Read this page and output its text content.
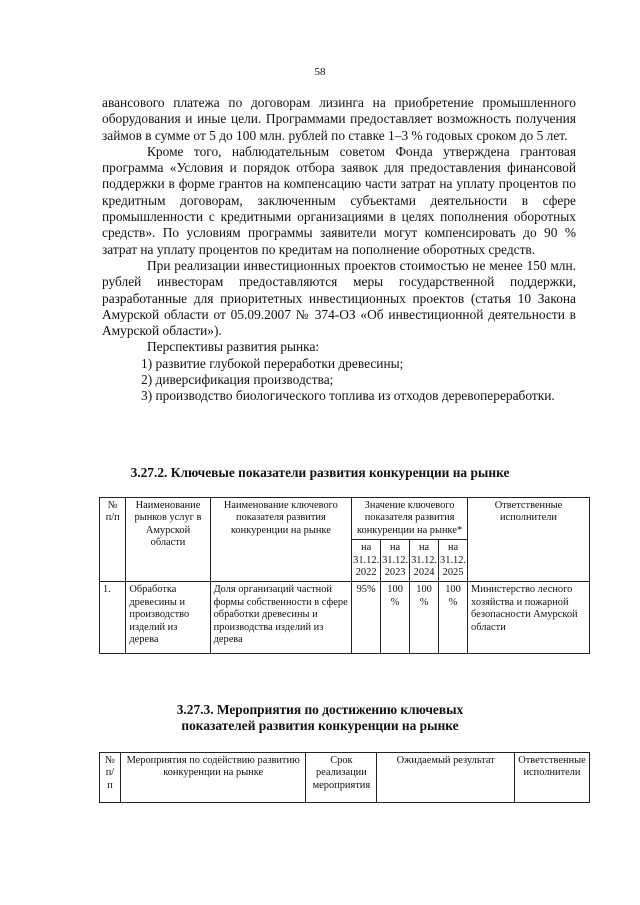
58

авансового платежа по договорам лизинга на приобретение промышленного оборудования и иные цели. Программами предоставляет возможность получения займов в сумме от 5 до 100 млн. рублей по ставке 1–3 % годовых сроком до 5 лет.

Кроме того, наблюдательным советом Фонда утверждена грантовая программа «Условия и порядок отбора заявок для предоставления финансовой поддержки в форме грантов на компенсацию части затрат на уплату процентов по кредитным договорам, заключенным субъектами деятельности в сфере промышленности с кредитными организациями в целях пополнения оборотных средств». По условиям программы заявители могут компенсировать до 90 % затрат на уплату процентов по кредитам на пополнение оборотных средств.

При реализации инвестиционных проектов стоимостью не менее 150 млн. рублей инвесторам предоставляются меры государственной поддержки, разработанные для приоритетных инвестиционных проектов (статья 10 Закона Амурской области от 05.09.2007 № 374-ОЗ «Об инвестиционной деятельности в Амурской области»).

Перспективы развития рынка:

1) развитие глубокой переработки древесины;

2) диверсификация производства;

3) производство биологического топлива из отходов деревопереработки.

3.27.2. Ключевые показатели развития конкуренции на рынке
№ п/п	Наименование рынков услуг в Амурской области	Наименование ключевого показателя развития конкуренции на рынке	Значение ключевого показателя развития конкуренции на рынке*				Ответственные исполнители
			на 31.12. 2022	на 31.12. 2023	на 31.12. 2024	на 31.12. 2025	
1.	Обработка древесины и производство изделий из дерева	Доля организаций частной формы собственности в сфере обработки древесины и производства изделий из дерева	95%	100 %	100 %	100 %	Министерство лесного хозяйства и пожарной безопасности Амурской области
3.27.3. Мероприятия по достижению ключевых показателей развития конкуренции на рынке
№ п/п	Мероприятия по содействию развитию конкуренции на рынке	Срок реализации мероприятия	Ожидаемый результат	Ответственные исполнители
